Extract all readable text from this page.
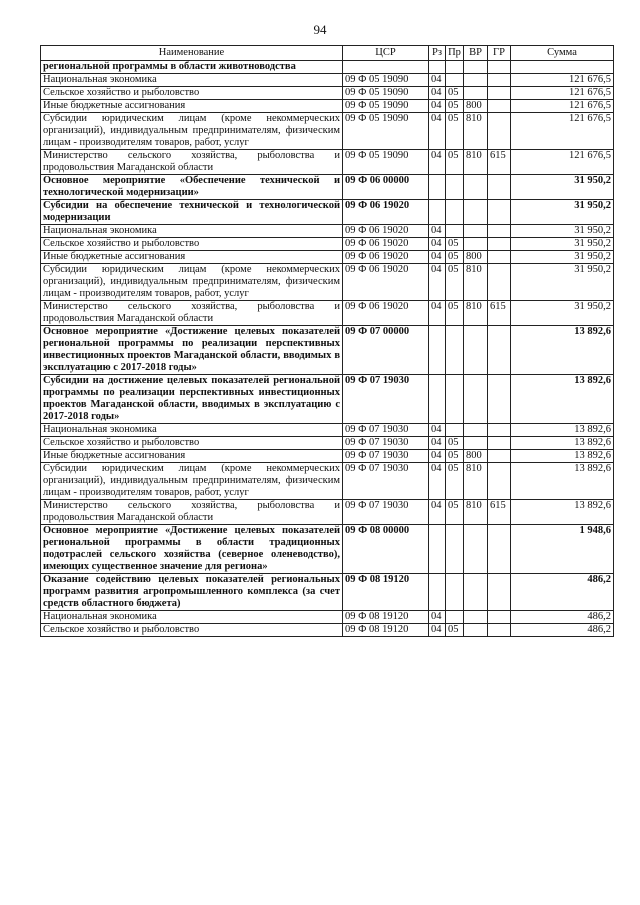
94
Наименование	ЦСР	Рз	Пр	ВР	ГР	Сумма
региональной программы в области животноводства						
Национальная экономика	09 Ф 05 19090	04				121 676,5
Сельское хозяйство и рыболовство	09 Ф 05 19090	04	05			121 676,5
Иные бюджетные ассигнования	09 Ф 05 19090	04	05	800		121 676,5
Субсидии юридическим лицам (кроме некоммерческих организаций), индивидуальным предпринимателям, физическим лицам - производителям товаров, работ, услуг	09 Ф 05 19090	04	05	810		121 676,5
Министерство сельского хозяйства, рыболовства и продовольствия Магаданской области	09 Ф 05 19090	04	05	810	615	121 676,5
Основное мероприятие «Обеспечение технической и технологической модернизации»	09 Ф 06 00000					31 950,2
Субсидии на обеспечение технической и технологической модернизации	09 Ф 06 19020					31 950,2
Национальная экономика	09 Ф 06 19020	04				31 950,2
Сельское хозяйство и рыболовство	09 Ф 06 19020	04	05			31 950,2
Иные бюджетные ассигнования	09 Ф 06 19020	04	05	800		31 950,2
Субсидии юридическим лицам (кроме некоммерческих организаций), индивидуальным предпринимателям, физическим лицам - производителям товаров, работ, услуг	09 Ф 06 19020	04	05	810		31 950,2
Министерство сельского хозяйства, рыболовства и продовольствия Магаданской области	09 Ф 06 19020	04	05	810	615	31 950,2
Основное мероприятие «Достижение целевых показателей региональной программы по реализации перспективных инвестиционных проектов Магаданской области, вводимых в эксплуатацию с 2017-2018 годы»	09 Ф 07 00000					13 892,6
Субсидии на достижение целевых показателей региональной программы по реализации перспективных инвестиционных проектов Магаданской области, вводимых в эксплуатацию с 2017-2018 годы»	09 Ф 07 19030					13 892,6
Национальная экономика	09 Ф 07 19030	04				13 892,6
Сельское хозяйство и рыболовство	09 Ф 07 19030	04	05			13 892,6
Иные бюджетные ассигнования	09 Ф 07 19030	04	05	800		13 892,6
Субсидии юридическим лицам (кроме некоммерческих организаций), индивидуальным предпринимателям, физическим лицам - производителям товаров, работ, услуг	09 Ф 07 19030	04	05	810		13 892,6
Министерство сельского хозяйства, рыболовства и продовольствия Магаданской области	09 Ф 07 19030	04	05	810	615	13 892,6
Основное мероприятие «Достижение целевых показателей региональной программы в области традиционных подотраслей сельского хозяйства (северное оленеводство), имеющих существенное значение для региона»	09 Ф 08 00000					1 948,6
Оказание содействию целевых показателей региональных программ развития агропромышленного комплекса (за счет средств областного бюджета)	09 Ф 08 19120					486,2
Национальная экономика	09 Ф 08 19120	04				486,2
Сельское хозяйство и рыболовство	09 Ф 08 19120	04	05			486,2
